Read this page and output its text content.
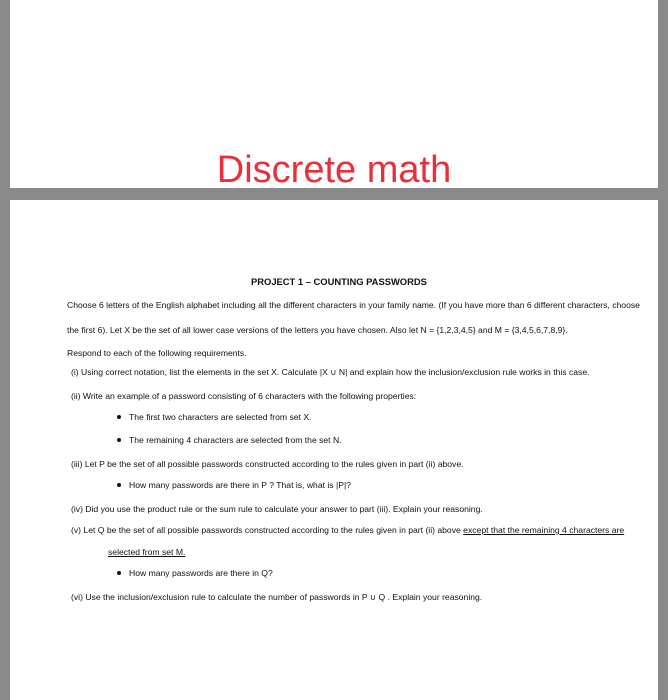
Discrete math
PROJECT 1 – COUNTING PASSWORDS
Choose 6 letters of the English alphabet including all the different characters in your family name. (If you have more than 6 different characters, choose
the first 6). Let X be the set of all lower case versions of the letters you have chosen. Also let N = {1,2,3,4,5} and M = {3,4,5,6,7,8,9}.
Respond to each of the following requirements.
(i) Using correct notation, list the elements in the set X. Calculate |X ∪ N| and explain how the inclusion/exclusion rule works in this case.
(ii) Write an example of a password consisting of 6 characters with the following properties:
The first two characters are selected from set X.
The remaining 4 characters are selected from the set N.
(iii) Let P be the set of all possible passwords constructed according to the rules given in part (ii) above.
How many passwords are there in P ? That is, what is |P|?
(iv) Did you use the product rule or the sum rule to calculate your answer to part (iii). Explain your reasoning.
(v) Let Q be the set of all possible passwords constructed according to the rules given in part (ii) above except that the remaining 4 characters are
selected from set M.
How many passwords are there in Q?
(vi) Use the inclusion/exclusion rule to calculate the number of passwords in P ∪ Q . Explain your reasoning.
